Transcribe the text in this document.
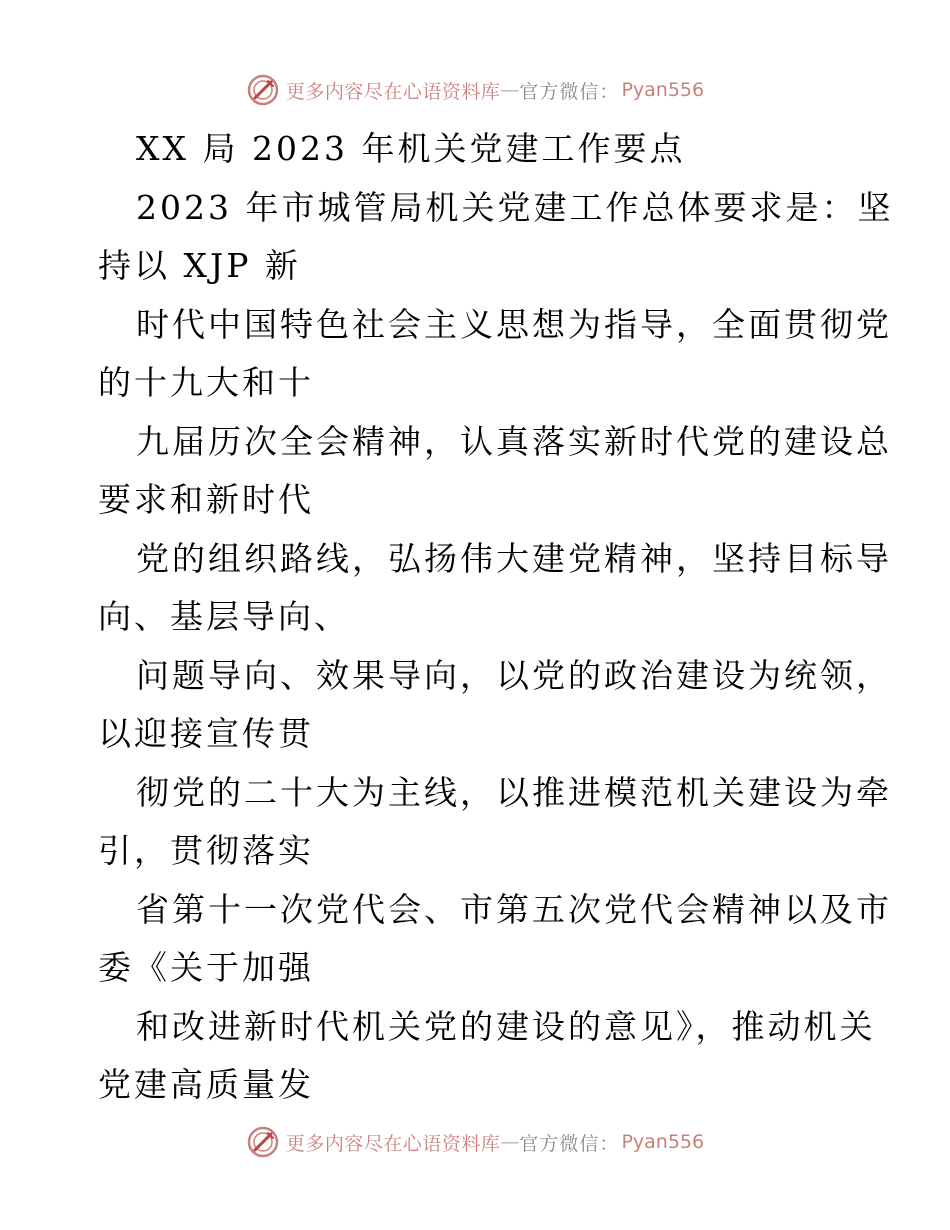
更多内容尽在心语资料库 — 官方微信： Pyan556

XX 局 2023 年机关党建工作要点

2023 年市城管局机关党建工作总体要求是：坚

持以 XJP 新

时代中国特色社会主义思想为指导，全面贯彻党

的十九大和十

九届历次全会精神，认真落实新时代党的建设总

要求和新时代

党的组织路线，弘扬伟大建党精神，坚持目标导

向、基层导向、

问题导向、效果导向，以党的政治建设为统领，

以迎接宣传贯

彻党的二十大为主线，以推进模范机关建设为牵

引，贯彻落实

省第十一次党代会、市第五次党代会精神以及市

委《关于加强

和改进新时代机关党的建设的意见》，推动机关

党建高质量发

更多内容尽在心语资料库 — 官方微信： Pyan556
